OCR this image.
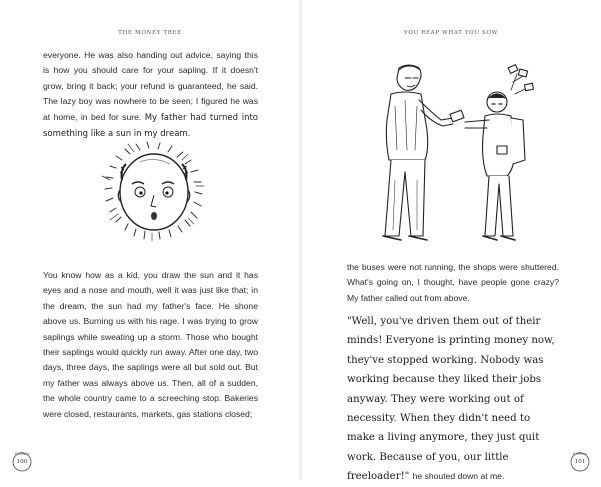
THE MONEY TREE
everyone. He was also handing out advice, saying this is how you should care for your sapling. If it doesn't grow, bring it back; your refund is guaranteed, he said. The lazy boy was nowhere to be seen; I figured he was at home, in bed for sure. My father had turned into something like a sun in my dream.
You know how as a kid, you draw the sun and it has eyes and a nose and mouth, well it was just like that; in the dream, the sun had my father's face. He shone above us. Burning us with his rage. I was trying to grow saplings while sweating up a storm. Those who bought their saplings would quickly run away. After one day, two days, three days, the saplings were all but sold out. But my father was always above us. Then, all of a sudden, the whole country came to a screeching stop. Bakeries were closed, restaurants, markets, gas stations closed;
BEGUN
100
YOU REAP WHAT YOU SOW
the buses were not running, the shops were shuttered. What's going on, I thought, have people gone crazy? My father called out from above.
"Well, you've driven them out of their minds! Everyone is printing money now, they've stopped working. Nobody was working because they liked their jobs anyway. They were working out of necessity. When they didn't need to make a living anymore, they just quit work. Because of you, our little freeloader!" he shouted down at me.
BEGUN
101
